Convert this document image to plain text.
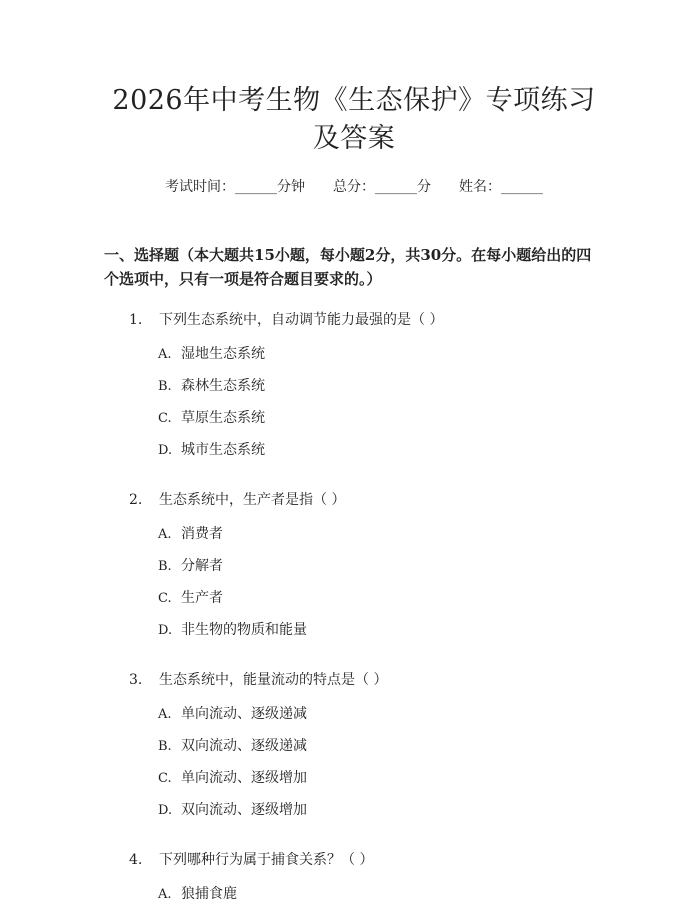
2026年中考生物《生态保护》专项练习及答案
考试时间：______分钟 总分：______分 姓名：______
一、选择题（本大题共15小题，每小题2分，共30分。在每小题给出的四个选项中，只有一项是符合题目要求的。）
1.	下列生态系统中，自动调节能力最强的是（ ）
A. 湿地生态系统
B. 森林生态系统
C. 草原生态系统
D. 城市生态系统
2.	生态系统中，生产者是指（ ）
A. 消费者
B. 分解者
C. 生产者
D. 非生物的物质和能量
3.	生态系统中，能量流动的特点是（ ）
A. 单向流动、逐级递减
B. 双向流动、逐级递减
C. 单向流动、逐级增加
D. 双向流动、逐级增加
4.	下列哪种行为属于捕食关系？（ ）
A. 狼捕食鹿
